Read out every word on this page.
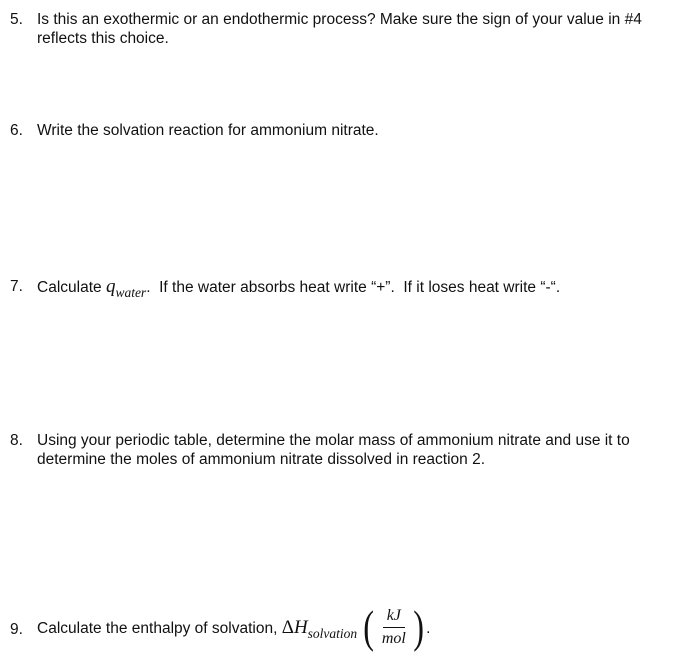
5. Is this an exothermic or an endothermic process? Make sure the sign of your value in #4 reflects this choice.
6. Write the solvation reaction for ammonium nitrate.
7. Calculate qwater.  If the water absorbs heat write “+”.  If it loses heat write “-“.
8. Using your periodic table, determine the molar mass of ammonium nitrate and use it to determine the moles of ammonium nitrate dissolved in reaction 2.
9. Calculate the enthalpy of solvation, ΔHsolvation ( $\frac{kJ}{\text{mol}}$ ) .
